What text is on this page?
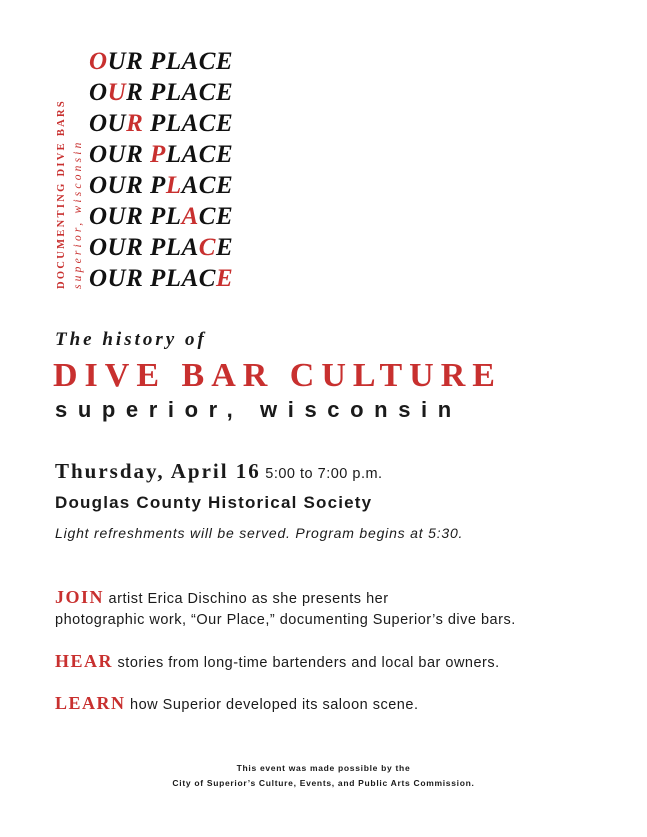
DOCUMENTING DIVE BARS superior, wisconsin
OUR PLACE
OUR PLACE
OUR PLACE
OUR PLACE
OUR PLACE
OUR PLACE
OUR PLACE
OUR PLACE
The history of
DIVE BAR CULTURE
superior, wisconsin
Thursday, April 16 5:00 to 7:00 p.m.
Douglas County Historical Society
Light refreshments will be served. Program begins at 5:30.
JOIN artist Erica Dischino as she presents her
photographic work, “Our Place,” documenting Superior’s dive bars.
HEAR stories from long-time bartenders and local bar owners.
LEARN how Superior developed its saloon scene.
This event was made possible by the
City of Superior’s Culture, Events, and Public Arts Commission.
